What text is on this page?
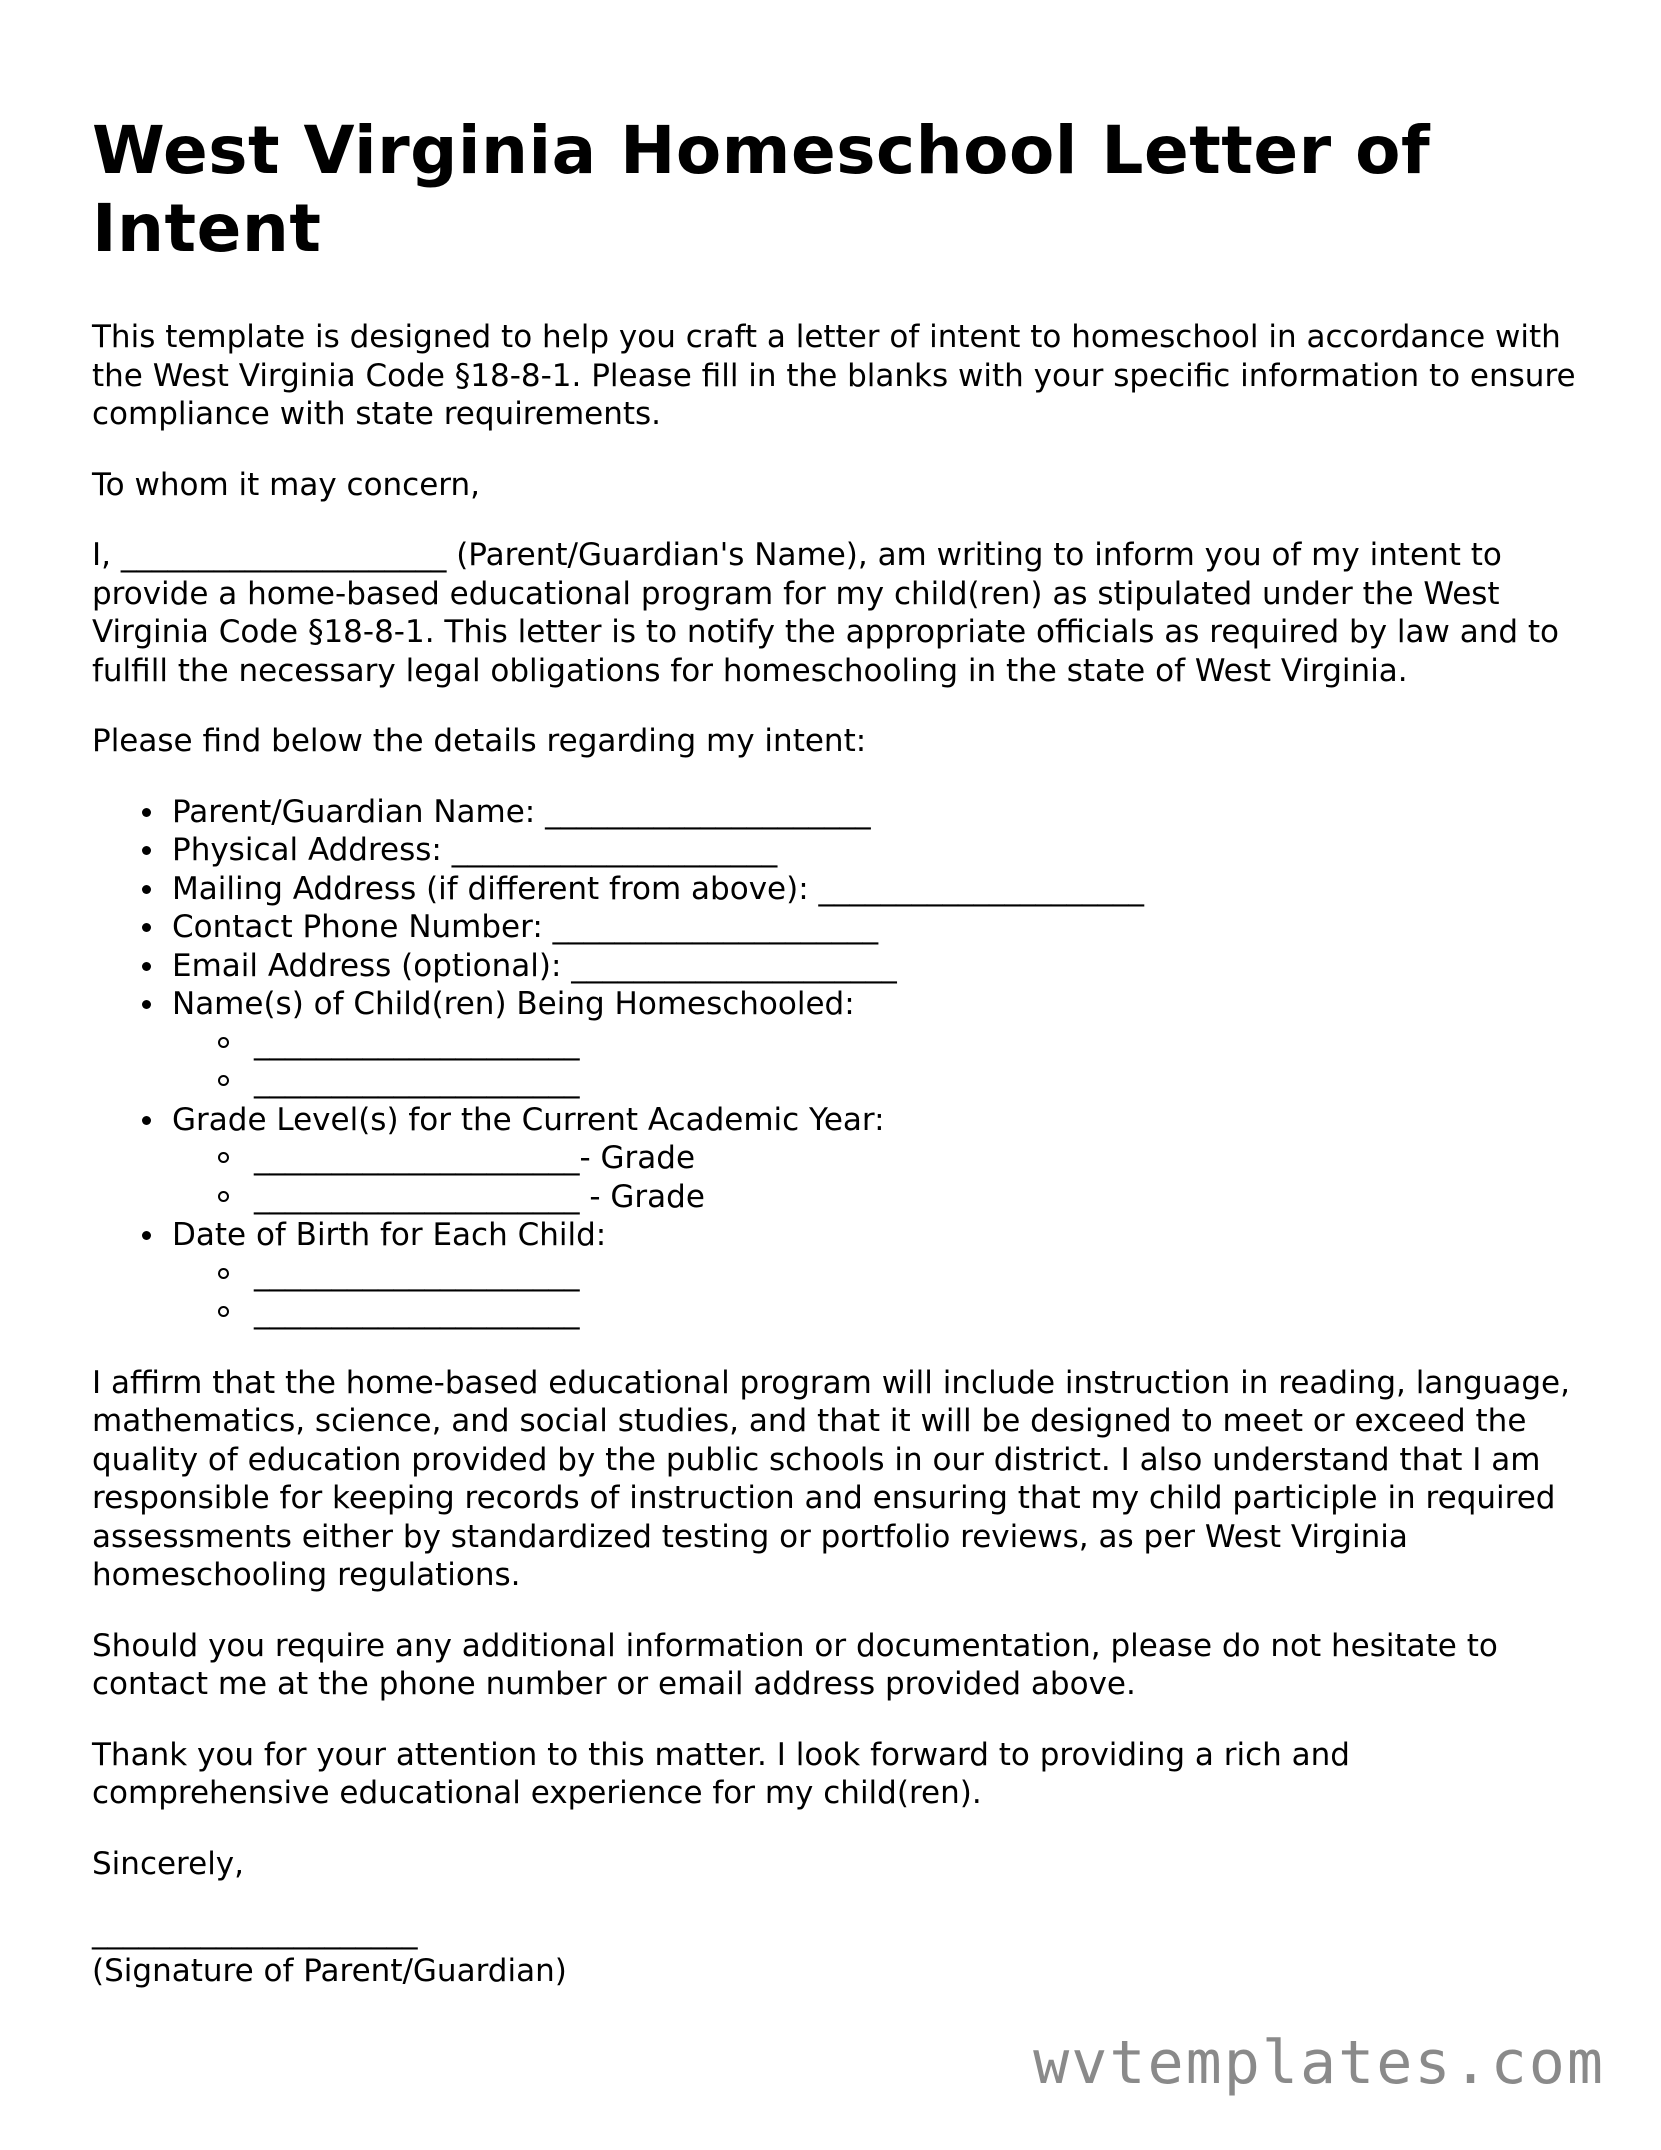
West Virginia Homeschool Letter of Intent

This template is designed to help you craft a letter of intent to homeschool in accordance with the West Virginia Code §18-8-1. Please fill in the blanks with your specific information to ensure compliance with state requirements.

To whom it may concern,

I, _____________________ (Parent/Guardian's Name), am writing to inform you of my intent to provide a home-based educational program for my child(ren) as stipulated under the West Virginia Code §18-8-1. This letter is to notify the appropriate officials as required by law and to fulfill the necessary legal obligations for homeschooling in the state of West Virginia.

Please find below the details regarding my intent:

Parent/Guardian Name: _____________________
Physical Address: _____________________
Mailing Address (if different from above): _____________________
Contact Phone Number: _____________________
Email Address (optional): _____________________
Name(s) of Child(ren) Being Homeschooled:
_____________________
_____________________
Grade Level(s) for the Current Academic Year:
_____________________- Grade
_____________________ - Grade
Date of Birth for Each Child:
_____________________
_____________________

I affirm that the home-based educational program will include instruction in reading, language, mathematics, science, and social studies, and that it will be designed to meet or exceed the quality of education provided by the public schools in our district. I also understand that I am responsible for keeping records of instruction and ensuring that my child participle in required assessments either by standardized testing or portfolio reviews, as per West Virginia homeschooling regulations.

Should you require any additional information or documentation, please do not hesitate to contact me at the phone number or email address provided above.

Thank you for your attention to this matter. I look forward to providing a rich and comprehensive educational experience for my child(ren).

Sincerely,

_____________________

(Signature of Parent/Guardian)

wvtemplates.com
